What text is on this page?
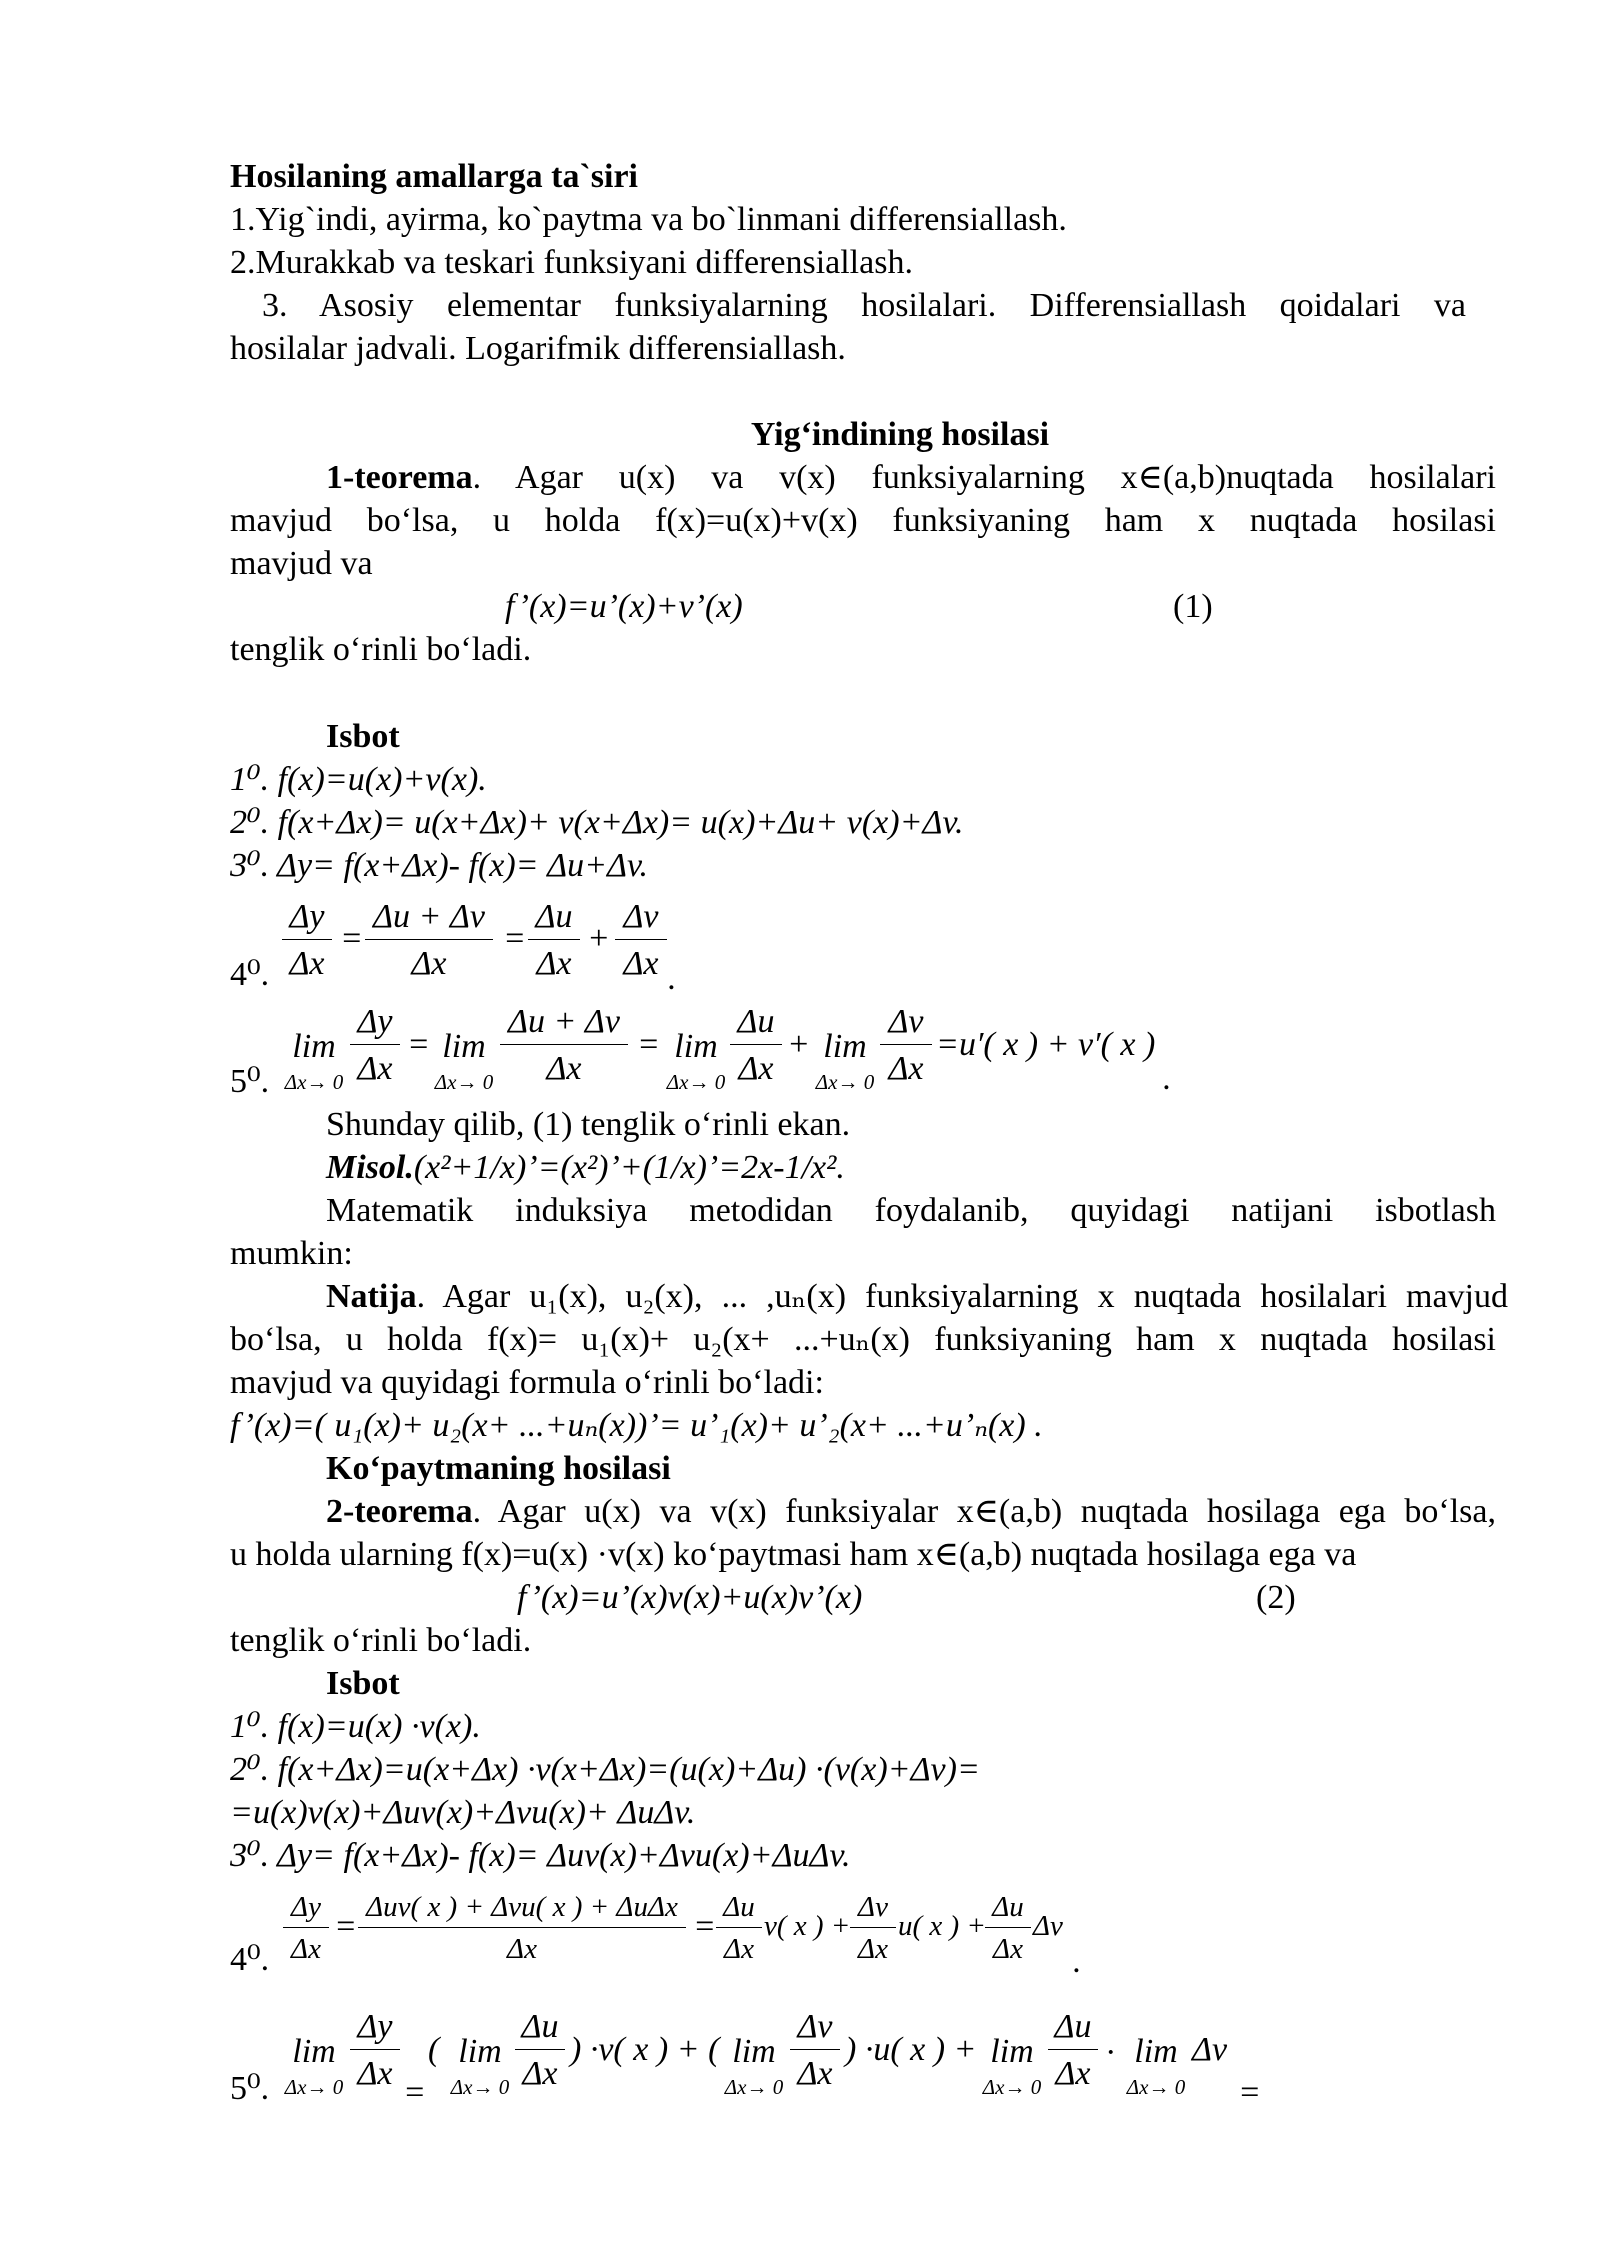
Hosilaning amallarga ta`siri
1.Yig`indi, ayirma, ko`paytma va bo`linmani differensiallash.
2.Murakkab va teskari funksiyani differensiallash.
3. Asosiy elementar funksiyalarning hosilalari. Differensiallash qoidalari va
hosilalar jadvali. Logarifmik differensiallash.
Yig‘indining hosilasi
1-teorema. Agar u(x) va v(x) funksiyalarning x∈(a,b)nuqtada hosilalari
mavjud bo‘lsa, u holda f(x)=u(x)+v(x) funksiyaning ham x nuqtada hosilasi
mavjud va
f’(x)=u’(x)+v’(x)	(1)
tenglik o‘rinli bo‘ladi.
Isbot
1⁰. f(x)=u(x)+v(x).
2⁰. f(x+Δx)= u(x+Δx)+ v(x+Δx)= u(x)+Δu+ v(x)+Δv.
3⁰. Δy= f(x+Δx)- f(x)= Δu+Δv.
4⁰.
Δy
Δx
=
Δu + Δv
Δx
=
Δu
Δx
+
Δv
Δx .
5⁰.
lim
Δx→ 0
Δy
Δx
= lim
Δx→ 0
Δu + Δv
Δx
= lim
Δx→ 0
Δu
Δx
+ lim
Δx→ 0
Δv
Δx
=u′( x ) + v′( x )
.
Shunday qilib, (1) tenglik o‘rinli ekan.
Misol.(x²+1/x)’=(x²)’+(1/x)’=2x-1/x².
Matematik induksiya metodidan foydalanib, quyidagi natijani isbotlash
mumkin:
Natija. Agar u₁(x), u₂(x), ... ,uₙ(x) funksiyalarning x nuqtada hosilalari mavjud
bo‘lsa, u holda f(x)= u₁(x)+ u₂(x+ ...+uₙ(x) funksiyaning ham x nuqtada hosilasi
mavjud va quyidagi formula o‘rinli bo‘ladi:
f’(x)=( u₁(x)+ u₂(x+ ...+uₙ(x))’= u’₁(x)+ u’₂(x+ ...+u’ₙ(x) .
Ko‘paytmaning hosilasi
2-teorema. Agar u(x) va v(x) funksiyalar x∈(a,b) nuqtada hosilaga ega bo‘lsa,
u holda ularning f(x)=u(x) ·v(x) ko‘paytmasi ham x∈(a,b) nuqtada hosilaga ega va
f’(x)=u’(x)v(x)+u(x)v’(x)	(2)
tenglik o‘rinli bo‘ladi.
Isbot
1⁰. f(x)=u(x) ·v(x).
2⁰. f(x+Δx)=u(x+Δx) ·v(x+Δx)=(u(x)+Δu) ·(v(x)+Δv)=
=u(x)v(x)+Δuv(x)+Δvu(x)+ ΔuΔv.
3⁰. Δy= f(x+Δx)- f(x)= Δuv(x)+Δvu(x)+ΔuΔv.
4⁰.
Δy
Δx
=
Δuv( x ) + Δvu( x ) + ΔuΔx
Δx
=
Δu
Δx
v( x ) +
Δv
Δx
u( x ) +
Δu
Δx
Δv
.
5⁰.
lim
Δx→ 0
Δy
Δx
=
( lim
Δx→ 0
Δu
Δx
) ·v( x ) + ( lim
Δx→ 0
Δv
Δx
) ·u( x ) + lim
Δx→ 0
Δu
Δx
· lim
Δx→ 0
Δv
=
